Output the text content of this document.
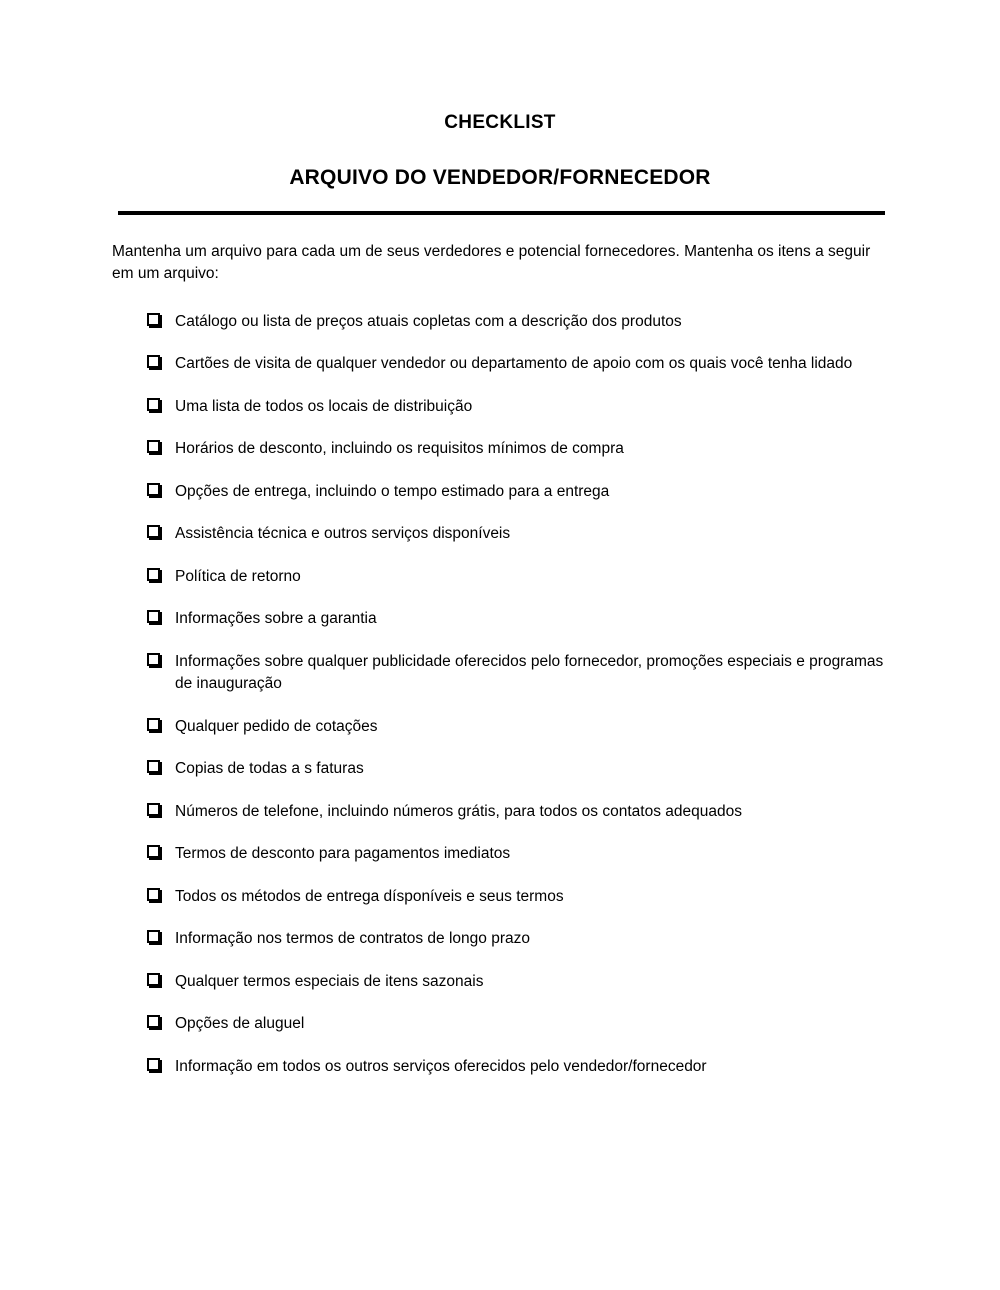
CHECKLIST
ARQUIVO DO VENDEDOR/FORNECEDOR

Mantenha um arquivo para cada um de seus verdedores e potencial fornecedores. Mantenha os itens a seguir em um arquivo:

Catálogo ou lista de preços atuais copletas com a descrição dos produtos
Cartões de visita de qualquer vendedor ou departamento de apoio com os quais você tenha lidado
Uma lista de todos os locais de distribuição
Horários de desconto, incluindo os requisitos mínimos de compra
Opções de entrega, incluindo o tempo estimado para a entrega
Assistência técnica e outros serviços disponíveis
Política de retorno
Informações sobre a garantia
Informações sobre qualquer publicidade oferecidos pelo fornecedor, promoções especiais e programas de inauguração
Qualquer pedido de cotações
Copias de todas a s faturas
Números de telefone, incluindo números grátis, para todos os contatos adequados
Termos de desconto para pagamentos imediatos
Todos os métodos de entrega dísponíveis e seus termos
Informação nos termos de contratos de longo prazo
Qualquer termos especiais de itens sazonais
Opções de aluguel
Informação em todos os outros serviços oferecidos pelo vendedor/fornecedor
